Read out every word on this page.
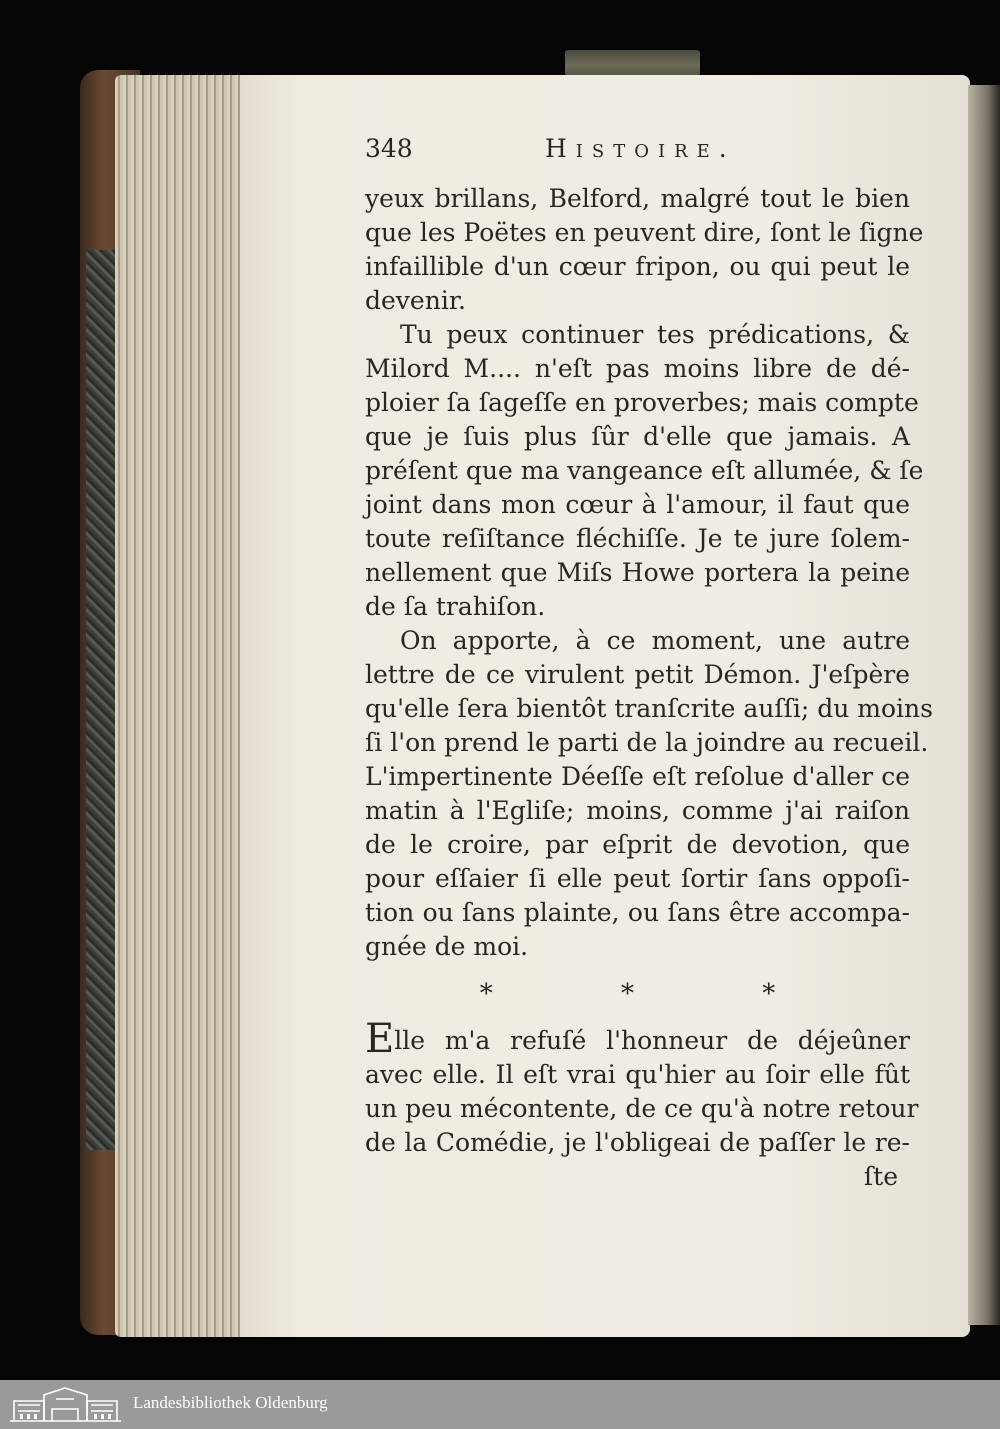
348	Histoire.
yeux brillans, Belford, malgré tout le bien
que les Poëtes en peuvent dire, ſont le ſigne
infaillible d'un cœur fripon, ou qui peut le
devenir.
Tu peux continuer tes prédications, &
Milord M.... n'eſt pas moins libre de dé-
ploier ſa ſageſſe en proverbes; mais compte
que je ſuis plus ſûr d'elle que jamais. A
préſent que ma vangeance eſt allumée, & ſe
joint dans mon cœur à l'amour, il faut que
toute reſiſtance fléchiſſe. Je te jure ſolem-
nellement que Miſs Howe portera la peine
de ſa trahiſon.
On apporte, à ce moment, une autre
lettre de ce virulent petit Démon. J'eſpère
qu'elle ſera bientôt tranſcrite auſſi; du moins
ſi l'on prend le parti de la joindre au recueil.
L'impertinente Déeſſe eſt reſolue d'aller ce
matin à l'Egliſe; moins, comme j'ai raiſon
de le croire, par eſprit de devotion, que
pour eſſaier ſi elle peut ſortir ſans oppoſi-
tion ou ſans plainte, ou ſans être accompa-
gnée de moi.
* * *
Elle m'a refuſé l'honneur de déjeûner
avec elle. Il eſt vrai qu'hier au ſoir elle fût
un peu mécontente, de ce qu'à notre retour
de la Comédie, je l'obligeai de paſſer le re-
ſte
Landesbibliothek Oldenburg
